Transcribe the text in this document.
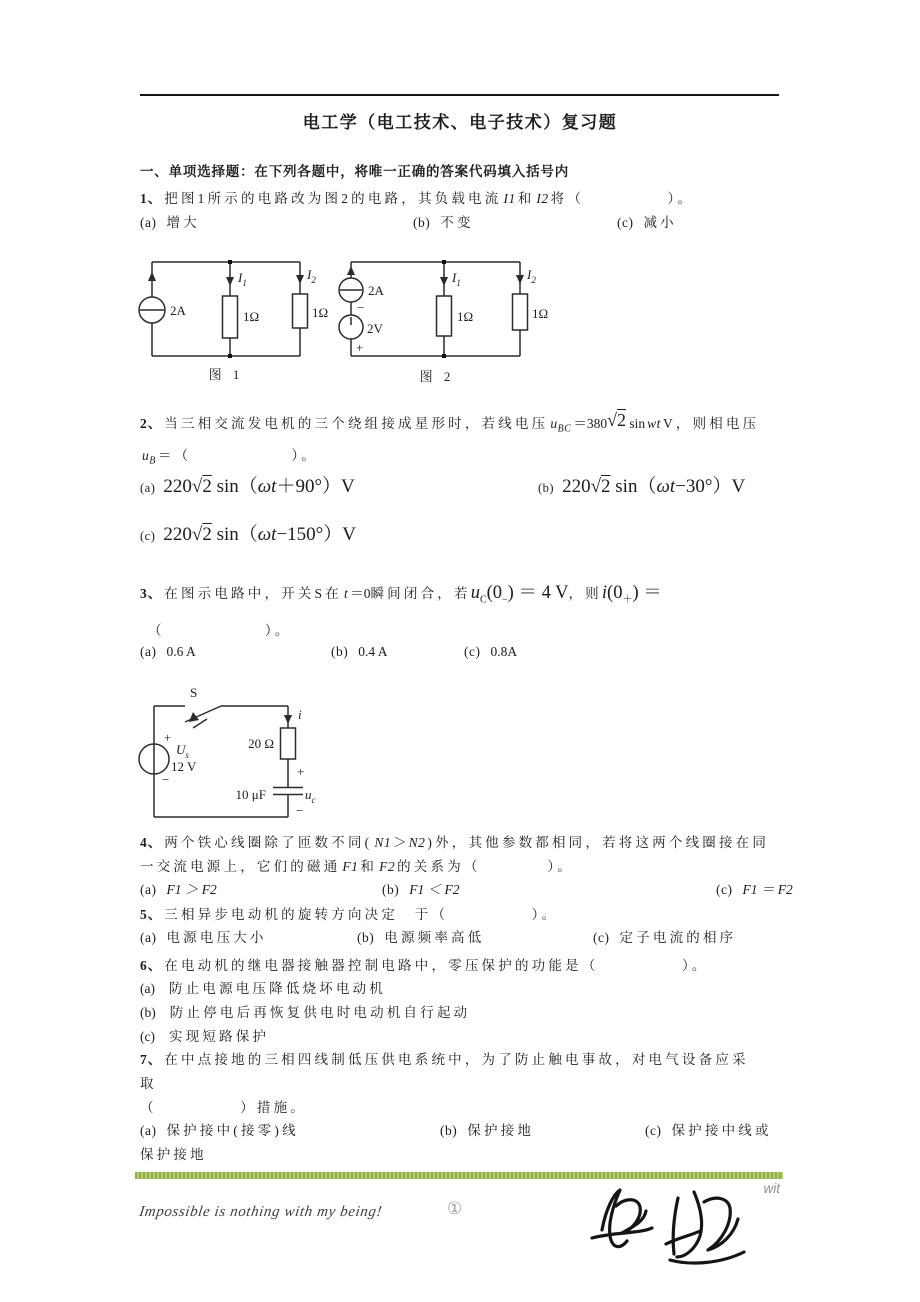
电工学（电工技术、电子技术）复习题
一、单项选择题：在下列各题中，将唯一正确的答案代码填入括号内
1、 把图1所示的电路改为图2的电路，其负载电流 I1 和 I2 将（　　　　　）。
(a) 增大	(b) 不变	(c) 减小
2A
$I_1$
1Ω
$I_2$
1Ω
图 1
2A
−
2V
+
$I_1$
1Ω
$I_2$
1Ω
图 2
2、 当三相交流发电机的三个绕组接成星形时，若线电压 $u_{BC} =380√2$ sin wt V，则相电压
$u_B$ ＝（　　　　　　）。
(a) 220√2 sin（ωt＋90°）V	(b) 220√2 sin（ωt−30°）V
(c) 220√2 sin（ωt−150°）V
3、 在图示电路中，开关S在 t ＝0瞬间闭合，若$u_C(0_-) = 4$ V，则$i(0_+)$ ＝
（　　　　　　）。
(a) 0.6 A	(b) 0.4 A	(c) 0.8A
S
+
$U_s$
12 V
−
i
20 Ω
+
10 μF	$u_c$
−
4、 两个铁心线圈除了匝数不同( N1 ＞ N2 )外，其他参数都相同，若将这两个线圈接在同
一交流电源上，它们的磁通 F1 和 F2 的关系为（　　　　）。
(a) F1 ＞ F2	(b) F1 ＜ F2	(c) F1 ＝ F2
5、 三相异步电动机的旋转方向决定　于（　　　　　）。
(a) 电源电压大小	(b) 电源频率高低	(c) 定子电流的相序
6、 在电动机的继电器接触器控制电路中，零压保护的功能是（　　　　　）。
(a) 防止电源电压降低烧坏电动机
(b) 防止停电后再恢复供电时电动机自行起动
(c) 实现短路保护
7、 在中点接地的三相四线制低压供电系统中，为了防止触电事故，对电气设备应采
取
（　　　　　）措施。
(a) 保护接中(接零)线	(b) 保护接地	(c) 保护接中线或
保护接地
wit
Impossible is nothing with my being!	①
